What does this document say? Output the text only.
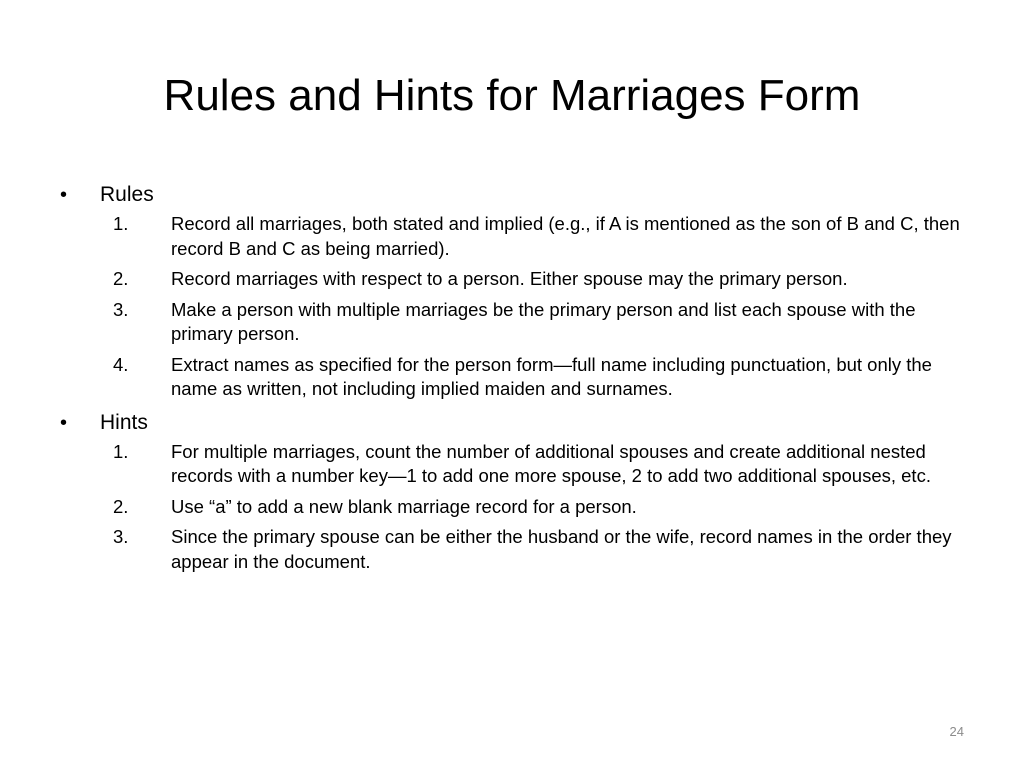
Rules and Hints for Marriages Form
• Rules
1. Record all marriages, both stated and implied (e.g., if A is mentioned as the son of B and C, then record B and C as being married).
2. Record marriages with respect to a person. Either spouse may the primary person.
3. Make a person with multiple marriages be the primary person and list each spouse with the primary person.
4. Extract names as specified for the person form—full name including punctuation, but only the name as written, not including implied maiden and surnames.
• Hints
1. For multiple marriages, count the number of additional spouses and create additional nested records with a number key—1 to add one more spouse, 2 to add two additional spouses, etc.
2. Use “a” to add a new blank marriage record for a person.
3. Since the primary spouse can be either the husband or the wife, record names in the order they appear in the document.
24
